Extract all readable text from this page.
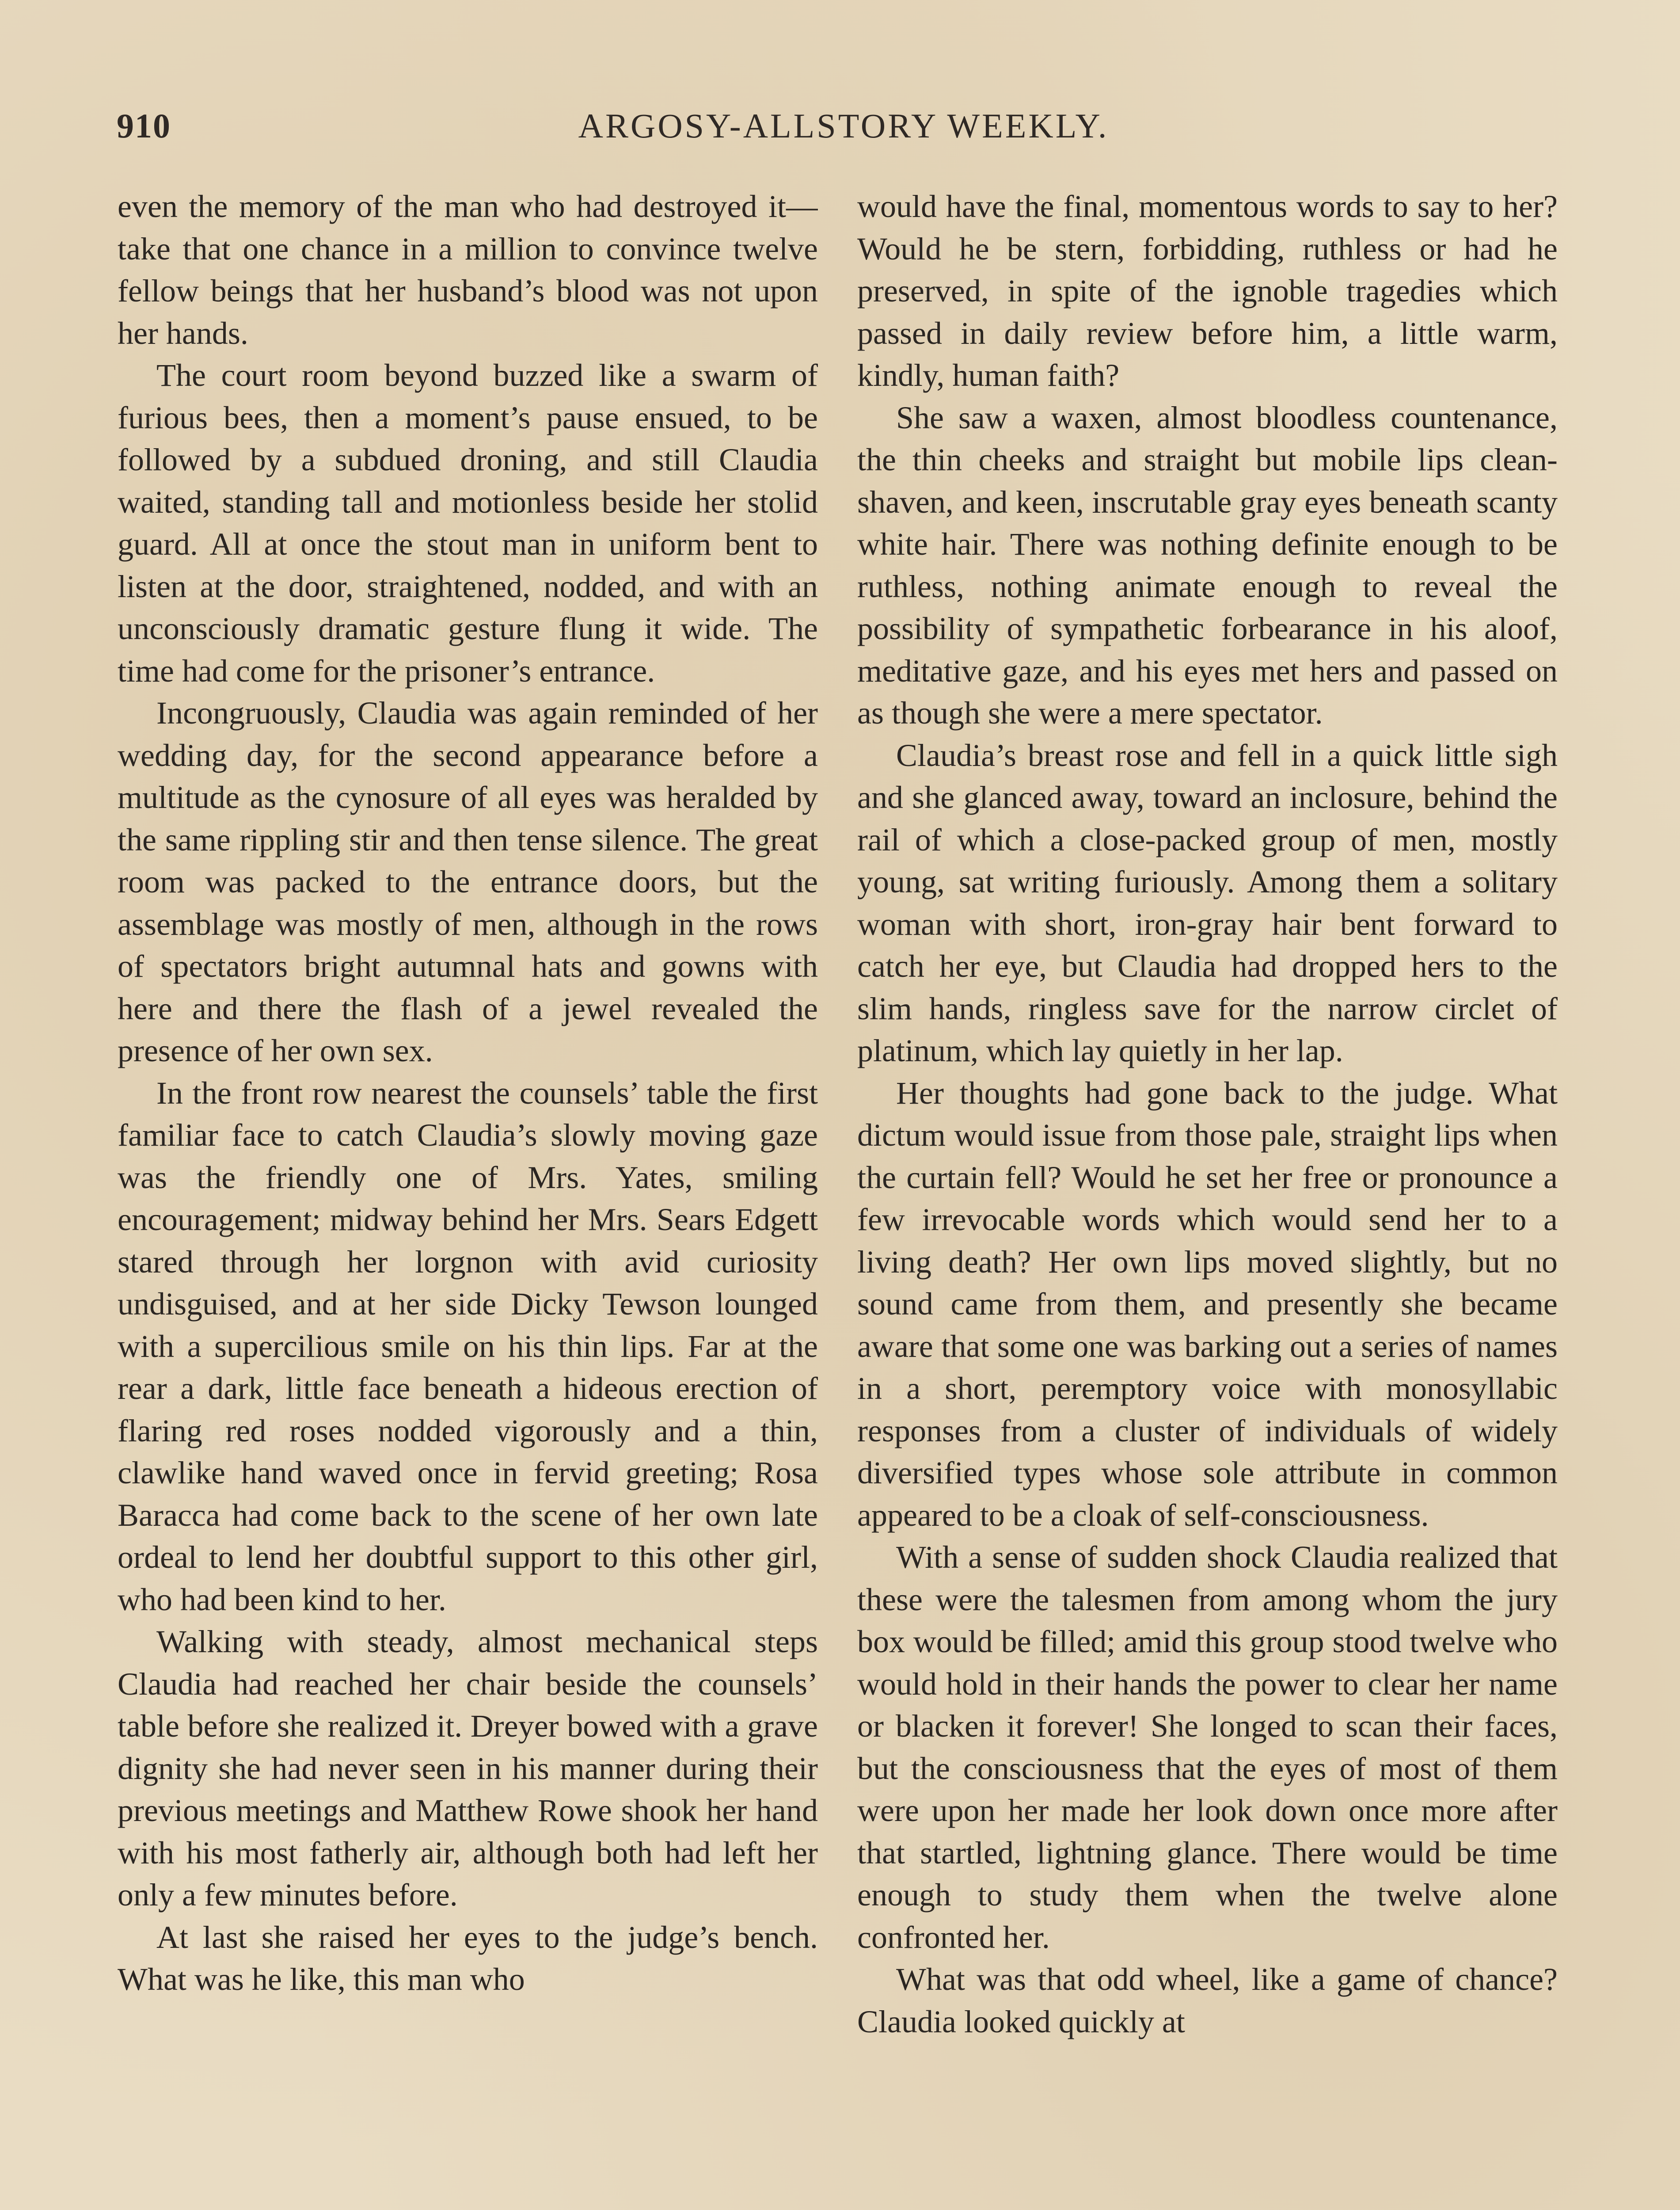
910	ARGOSY-ALLSTORY WEEKLY.

even the memory of the man who had destroyed it—take that one chance in a million to convince twelve fellow beings that her husband’s blood was not upon her hands.

The court room beyond buzzed like a swarm of furious bees, then a moment’s pause ensued, to be followed by a subdued droning, and still Claudia waited, standing tall and motionless beside her stolid guard. All at once the stout man in uniform bent to listen at the door, straightened, nodded, and with an unconsciously dramatic gesture flung it wide. The time had come for the prisoner’s entrance.

Incongruously, Claudia was again reminded of her wedding day, for the second appearance before a multitude as the cynosure of all eyes was heralded by the same rippling stir and then tense silence. The great room was packed to the entrance doors, but the assemblage was mostly of men, although in the rows of spectators bright autumnal hats and gowns with here and there the flash of a jewel revealed the presence of her own sex.

In the front row nearest the counsels’ table the first familiar face to catch Claudia’s slowly moving gaze was the friendly one of Mrs. Yates, smiling encouragement; midway behind her Mrs. Sears Edgett stared through her lorgnon with avid curiosity undisguised, and at her side Dicky Tewson lounged with a supercilious smile on his thin lips. Far at the rear a dark, little face beneath a hideous erection of flaring red roses nodded vigorously and a thin, clawlike hand waved once in fervid greeting; Rosa Baracca had come back to the scene of her own late ordeal to lend her doubtful support to this other girl, who had been kind to her.

Walking with steady, almost mechanical steps Claudia had reached her chair beside the counsels’ table before she realized it. Dreyer bowed with a grave dignity she had never seen in his manner during their previous meetings and Matthew Rowe shook her hand with his most fatherly air, although both had left her only a few minutes before.

At last she raised her eyes to the judge’s bench. What was he like, this man who

would have the final, momentous words to say to her? Would he be stern, forbidding, ruthless or had he preserved, in spite of the ignoble tragedies which passed in daily review before him, a little warm, kindly, human faith?

She saw a waxen, almost bloodless countenance, the thin cheeks and straight but mobile lips clean-shaven, and keen, inscrutable gray eyes beneath scanty white hair. There was nothing definite enough to be ruthless, nothing animate enough to reveal the possibility of sympathetic forbearance in his aloof, meditative gaze, and his eyes met hers and passed on as though she were a mere spectator.

Claudia’s breast rose and fell in a quick little sigh and she glanced away, toward an inclosure, behind the rail of which a close-packed group of men, mostly young, sat writing furiously. Among them a solitary woman with short, iron-gray hair bent forward to catch her eye, but Claudia had dropped hers to the slim hands, ringless save for the narrow circlet of platinum, which lay quietly in her lap.

Her thoughts had gone back to the judge. What dictum would issue from those pale, straight lips when the curtain fell? Would he set her free or pronounce a few irrevocable words which would send her to a living death? Her own lips moved slightly, but no sound came from them, and presently she became aware that some one was barking out a series of names in a short, peremptory voice with monosyllabic responses from a cluster of individuals of widely diversified types whose sole attribute in common appeared to be a cloak of self-consciousness.

With a sense of sudden shock Claudia realized that these were the talesmen from among whom the jury box would be filled; amid this group stood twelve who would hold in their hands the power to clear her name or blacken it forever! She longed to scan their faces, but the consciousness that the eyes of most of them were upon her made her look down once more after that startled, lightning glance. There would be time enough to study them when the twelve alone confronted her.

What was that odd wheel, like a game of chance? Claudia looked quickly at
